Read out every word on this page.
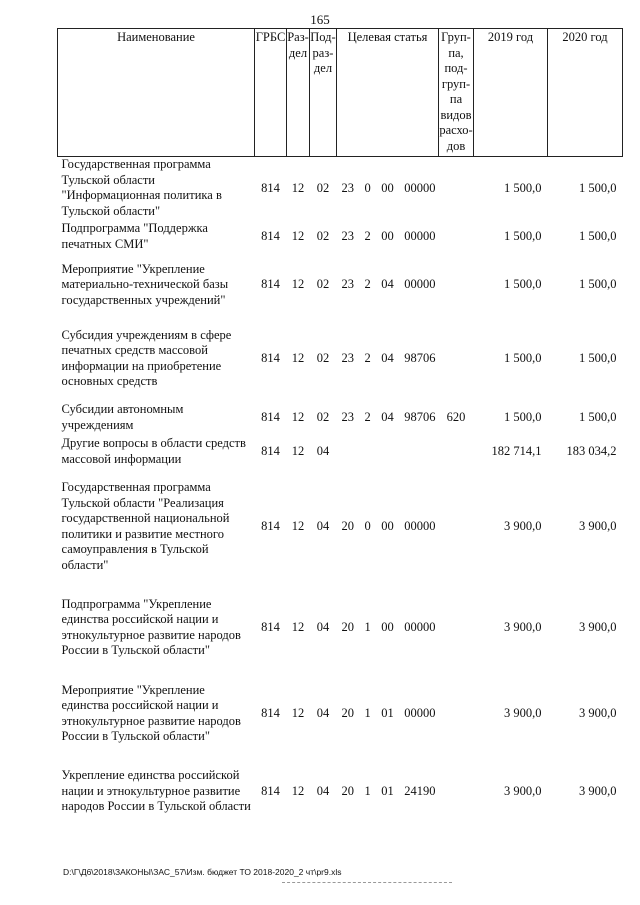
165
Наименование	ГРБС	Раз-дел	Под-раз-дел	Целевая статья	Груп-па, под-груп-па видов расхо-дов	2019 год	2020 год
Государственная программа Тульской области "Информационная политика в Тульской области"	814	12	02	23 0 00 00000		1 500,0	1 500,0
Подпрограмма "Поддержка печатных СМИ"	814	12	02	23 2 00 00000		1 500,0	1 500,0
Мероприятие "Укрепление материально-технической базы государственных учреждений"	814	12	02	23 2 04 00000		1 500,0	1 500,0
Субсидия учреждениям в сфере печатных средств массовой информации на приобретение основных средств	814	12	02	23 2 04 98706		1 500,0	1 500,0
Субсидии автономным учреждениям	814	12	02	23 2 04 98706	620	1 500,0	1 500,0
Другие вопросы в области средств массовой информации	814	12	04			182 714,1	183 034,2
Государственная программа Тульской области "Реализация государственной национальной политики и развитие местного самоуправления в Тульской области"	814	12	04	20 0 00 00000		3 900,0	3 900,0
Подпрограмма "Укрепление единства российской нации и этнокультурное развитие народов России в Тульской области"	814	12	04	20 1 00 00000		3 900,0	3 900,0
Мероприятие "Укрепление единства российской нации и этнокультурное развитие народов России в Тульской области"	814	12	04	20 1 01 00000		3 900,0	3 900,0
Укрепление единства российской нации и этнокультурное развитие народов России в Тульской области	814	12	04	20 1 01 24190		3 900,0	3 900,0
D:\Г\Д6\2018\ЗАКОНЫ\ЗАС_57\Изм. бюджет ТО 2018-2020_2 чт\pr9.xls
